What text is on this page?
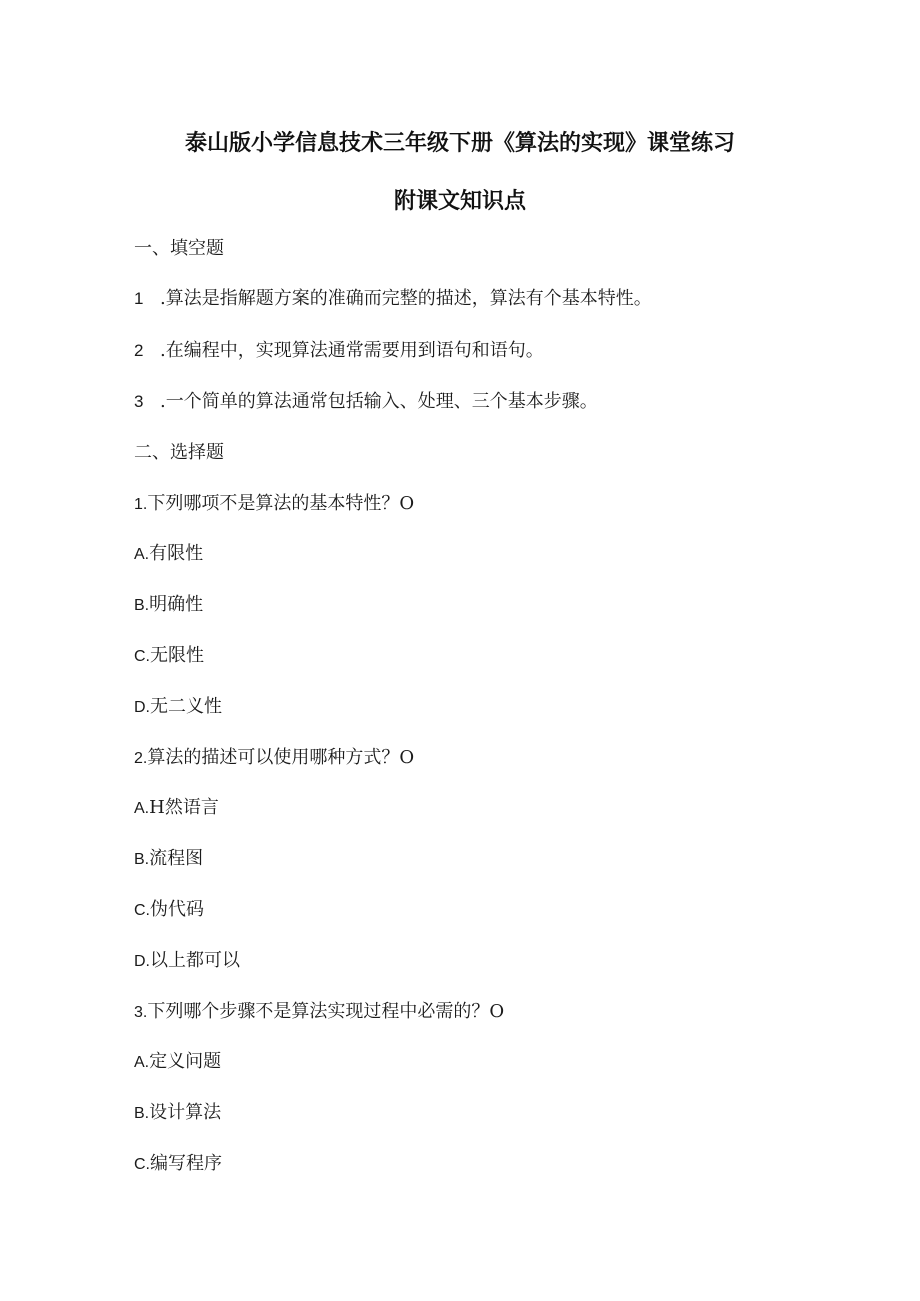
泰山版小学信息技术三年级下册《算法的实现》课堂练习
附课文知识点
一、填空题
1 .算法是指解题方案的准确而完整的描述，算法有个基本特性。
2 .在编程中，实现算法通常需要用到语句和语句。
3 .一个简单的算法通常包括输入、处理、三个基本步骤。
二、选择题
1.下列哪项不是算法的基本特性？O
A.有限性
B.明确性
C.无限性
D.无二义性
2.算法的描述可以使用哪种方式？O
A.H然语言
B.流程图
C.伪代码
D.以上都可以
3.下列哪个步骤不是算法实现过程中必需的？O
A.定义问题
B.设计算法
C.编写程序
